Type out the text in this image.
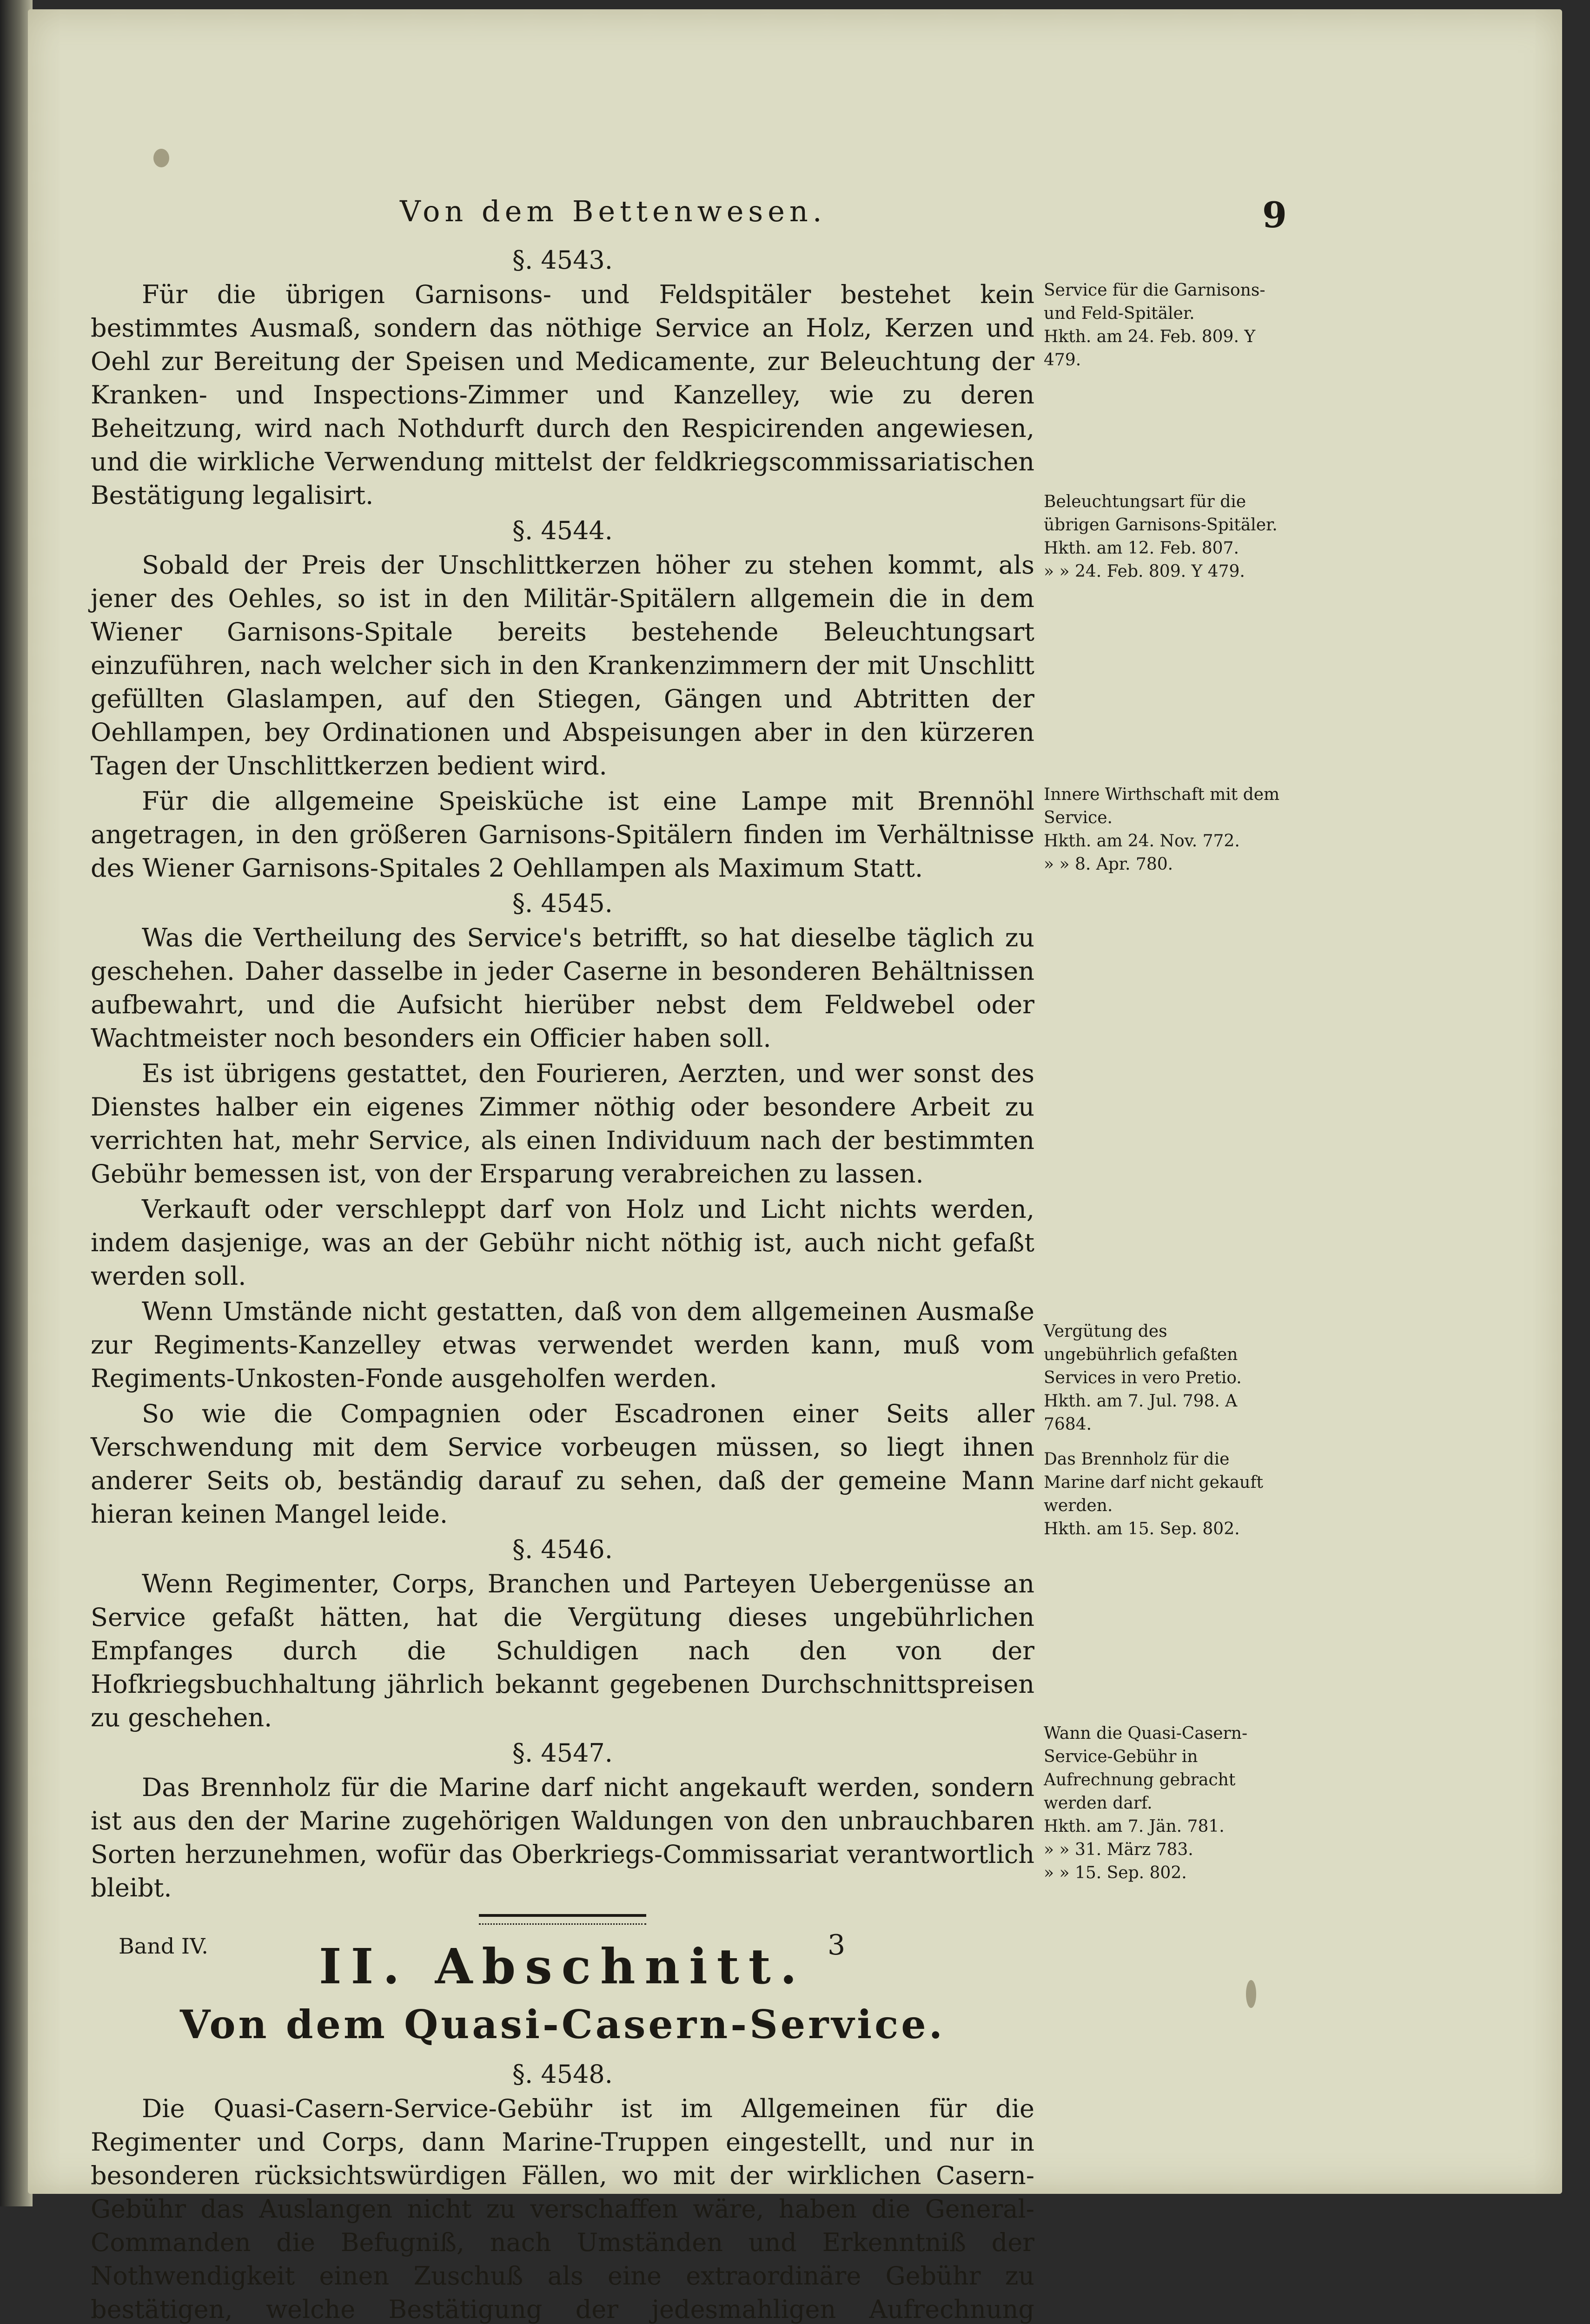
Von dem Bettenwesen.	9
§. 4543.

Für die übrigen Garnisons- und Feldspitäler bestehet kein bestimmtes Ausmaß, sondern das nöthige Service an Holz, Kerzen und Oehl zur Bereitung der Speisen und Medicamente, zur Beleuchtung der Kranken- und Inspections-Zimmer und Kanzelley, wie zu deren Beheitzung, wird nach Nothdurft durch den Respicirenden angewiesen, und die wirkliche Verwendung mittelst der feldkriegscommissariatischen Bestätigung legalisirt.

§. 4544.

Sobald der Preis der Unschlittkerzen höher zu stehen kommt, als jener des Oehles, so ist in den Militär-Spitälern allgemein die in dem Wiener Garnisons-Spitale bereits bestehende Beleuchtungsart einzuführen, nach welcher sich in den Krankenzimmern der mit Unschlitt gefüllten Glaslampen, auf den Stiegen, Gängen und Abtritten der Oehllampen, bey Ordinationen und Abspeisungen aber in den kürzeren Tagen der Unschlittkerzen bedient wird.

Für die allgemeine Speisküche ist eine Lampe mit Brennöhl angetragen, in den größeren Garnisons-Spitälern finden im Verhältnisse des Wiener Garnisons-Spitales 2 Oehllampen als Maximum Statt.

§. 4545.

Was die Vertheilung des Service's betrifft, so hat dieselbe täglich zu geschehen. Daher dasselbe in jeder Caserne in besonderen Behältnissen aufbewahrt, und die Aufsicht hierüber nebst dem Feldwebel oder Wachtmeister noch besonders ein Officier haben soll.

Es ist übrigens gestattet, den Fourieren, Aerzten, und wer sonst des Dienstes halber ein eigenes Zimmer nöthig oder besondere Arbeit zu verrichten hat, mehr Service, als einen Individuum nach der bestimmten Gebühr bemessen ist, von der Ersparung verabreichen zu lassen.

Verkauft oder verschleppt darf von Holz und Licht nichts werden, indem dasjenige, was an der Gebühr nicht nöthig ist, auch nicht gefaßt werden soll.

Wenn Umstände nicht gestatten, daß von dem allgemeinen Ausmaße zur Regiments-Kanzelley etwas verwendet werden kann, muß vom Regiments-Unkosten-Fonde ausgeholfen werden.

So wie die Compagnien oder Escadronen einer Seits aller Verschwendung mit dem Service vorbeugen müssen, so liegt ihnen anderer Seits ob, beständig darauf zu sehen, daß der gemeine Mann hieran keinen Mangel leide.

§. 4546.

Wenn Regimenter, Corps, Branchen und Parteyen Uebergenüsse an Service gefaßt hätten, hat die Vergütung dieses ungebührlichen Empfanges durch die Schuldigen nach den von der Hofkriegsbuchhaltung jährlich bekannt gegebenen Durchschnittspreisen zu geschehen.

§. 4547.

Das Brennholz für die Marine darf nicht angekauft werden, sondern ist aus den der Marine zugehörigen Waldungen von den unbrauchbaren Sorten herzunehmen, wofür das Oberkriegs-Commissariat verantwortlich bleibt.

II. Abschnitt.
Von dem Quasi-Casern-Service.
§. 4548.

Die Quasi-Casern-Service-Gebühr ist im Allgemeinen für die Regimenter und Corps, dann Marine-Truppen eingestellt, und nur in besonderen rücksichtswürdigen Fällen, wo mit der wirklichen Casern-Gebühr das Auslangen nicht zu verschaffen wäre, haben die General-Commanden die Befugniß, nach Umständen und Erkenntniß der Nothwendigkeit einen Zuschuß als eine extraordinäre Gebühr zu bestätigen, welche Bestätigung der jedesmahligen Aufrechnung

Service für die Garnisons- und Feld-Spitäler.
Hkth. am 24. Feb. 809. Y 479.
Beleuchtungsart für die übrigen Garnisons-Spitäler.
Hkth. am 12. Feb. 807.
» » 24. Feb. 809. Y 479.
Innere Wirthschaft mit dem Service.
Hkth. am 24. Nov. 772.
» » 8. Apr. 780.
Vergütung des ungebührlich gefaßten Services in vero Pretio.
Hkth. am 7. Jul. 798. A 7684.
Das Brennholz für die Marine darf nicht gekauft werden.
Hkth. am 15. Sep. 802.
Wann die Quasi-Casern-Service-Gebühr in Aufrechnung gebracht werden darf.
Hkth. am 7. Jän. 781.
» » 31. März 783.
» » 15. Sep. 802.
Band IV.	3
